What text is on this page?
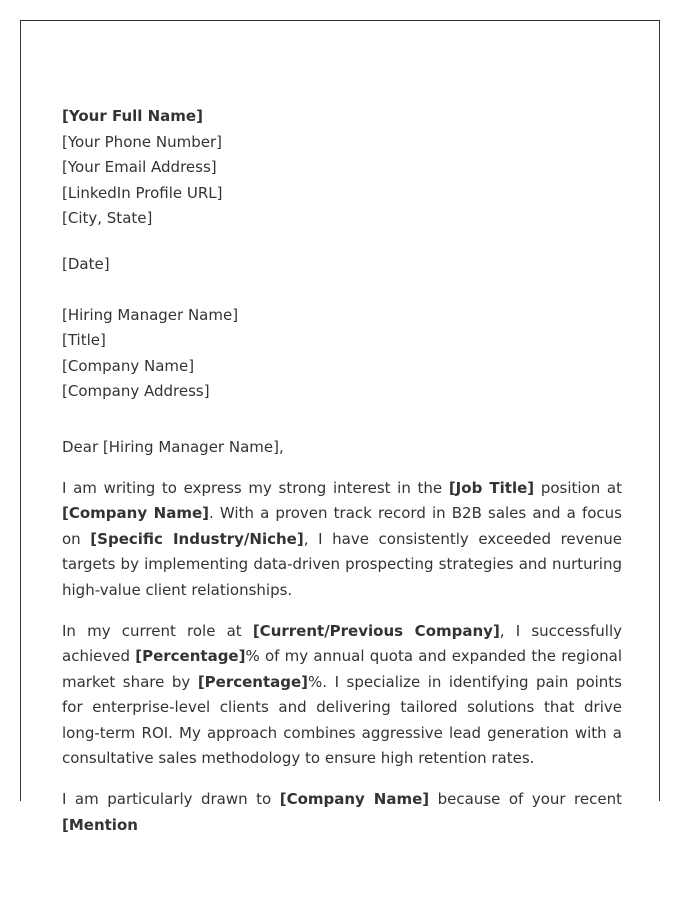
[Your Full Name]
[Your Phone Number]
[Your Email Address]
[LinkedIn Profile URL]
[City, State]
[Date]
[Hiring Manager Name]
[Title]
[Company Name]
[Company Address]

Dear [Hiring Manager Name],

I am writing to express my strong interest in the [Job Title] position at [Company Name]. With a proven track record in B2B sales and a focus on [Specific Industry/Niche], I have consistently exceeded revenue targets by implementing data-driven prospecting strategies and nurturing high-value client relationships.

In my current role at [Current/Previous Company], I successfully achieved [Percentage]% of my annual quota and expanded the regional market share by [Percentage]%. I specialize in identifying pain points for enterprise-level clients and delivering tailored solutions that drive long-term ROI. My approach combines aggressive lead generation with a consultative sales methodology to ensure high retention rates.

I am particularly drawn to [Company Name] because of your recent [Mention
